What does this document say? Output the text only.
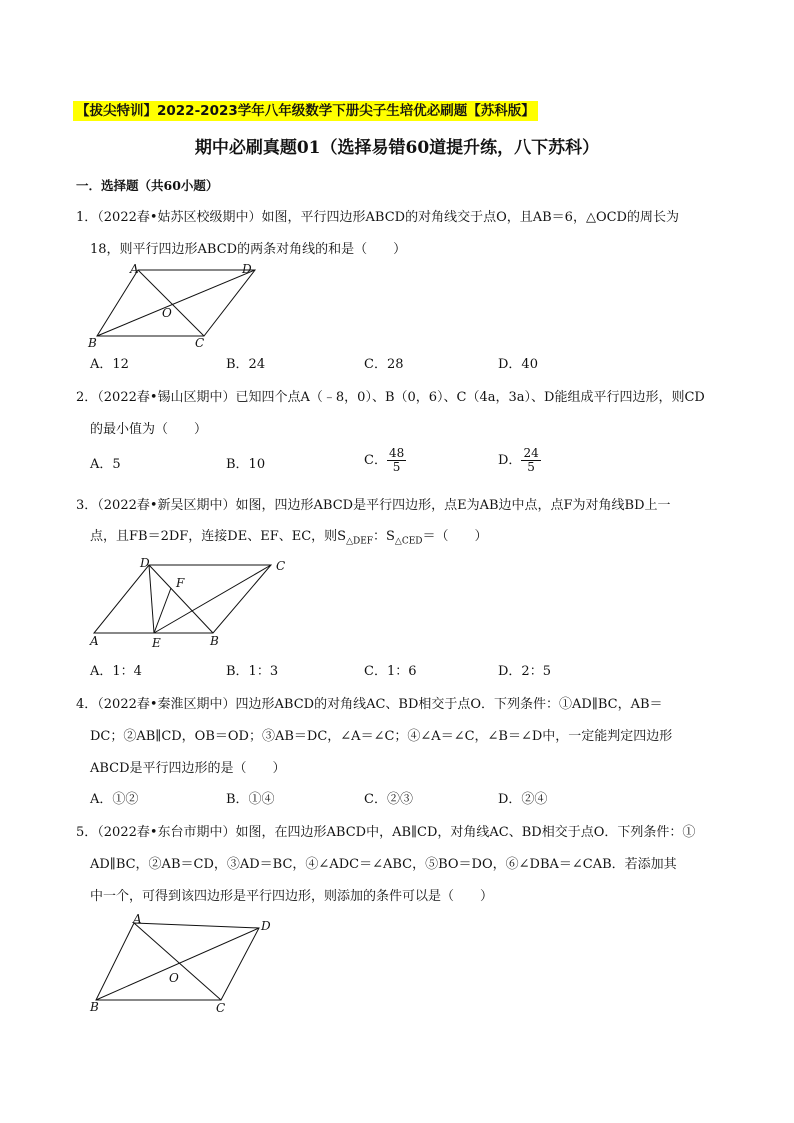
【拔尖特训】2022-2023学年八年级数学下册尖子生培优必刷题【苏科版】
期中必刷真题01（选择易错60道提升练，八下苏科）
一．选择题（共60小题）
1．（2022春•姑苏区校级期中）如图，平行四边形ABCD的对角线交于点O，且AB＝6，△OCD的周长为
18，则平行四边形ABCD的两条对角线的和是（　　）
A	D
O
B	C
A．12	B．24	C．28	D．40
2．（2022春•锡山区期中）已知四个点A（﹣8，0）、B（0，6）、C（4a，3a）、D能组成平行四边形，则CD
的最小值为（　　）
A．5	B．10	C． $\frac{48}{5}$	D． $\frac{24}{5}$
3．（2022春•新吴区期中）如图，四边形ABCD是平行四边形，点E为AB边中点，点F为对角线BD上一
点，且FB＝2DF，连接DE、EF、EC，则$S_{\triangle DEF}$：$S_{\triangle CED}=$（　　）
D	C
F
A	E	B
A．1：4	B．1：3	C．1：6	D．2：5
4．（2022春•秦淮区期中）四边形ABCD的对角线AC、BD相交于点O．下列条件：①AD∥BC，AB＝
DC；②AB∥CD，OB＝OD；③AB＝DC，∠A＝∠C；④∠A＝∠C，∠B＝∠D中，一定能判定四边形
ABCD是平行四边形的是（　　）
A．①②	B．①④	C．②③	D．②④
5．（2022春•东台市期中）如图，在四边形ABCD中，AB∥CD，对角线AC、BD相交于点O．下列条件：①
AD∥BC，②AB＝CD，③AD＝BC，④∠ADC＝∠ABC，⑤BO＝DO，⑥∠DBA＝∠CAB．若添加其
中一个，可得到该四边形是平行四边形，则添加的条件可以是（　　）
A	D
O
B	C
